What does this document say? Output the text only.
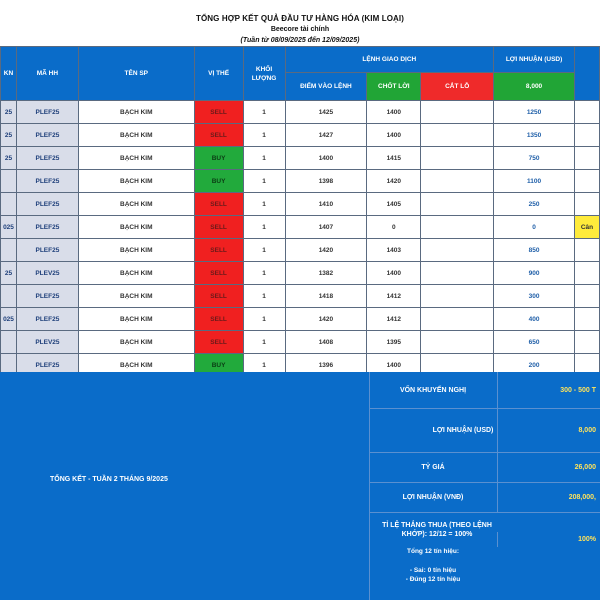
TỔNG HỢP KẾT QUẢ ĐẦU TƯ HÀNG HÓA (KIM LOẠI)
Beecore tài chính
(Tuần từ 08/09/2025 đến 12/09/2025)
KN	MÃ HH	TÊN SP	VỊ THẾ	KHỐI LƯỢNG	LỆNH GIAO DỊCH			LỢI NHUẬN (USD)	
					ĐIỂM VÀO LỆNH	CHỐT LỜI	CẮT LỖ	8,000	
25	PLEF25	BẠCH KIM	SELL	1	1425	1400		1250	
25	PLEF25	BẠCH KIM	SELL	1	1427	1400		1350	
25	PLEF25	BẠCH KIM	BUY	1	1400	1415		750	
	PLEF25	BẠCH KIM	BUY	1	1398	1420		1100	
	PLEF25	BẠCH KIM	SELL	1	1410	1405		250	
025	PLEF25	BẠCH KIM	SELL	1	1407	0		0	Cân
	PLEF25	BẠCH KIM	SELL	1	1420	1403		850	
25	PLEV25	BẠCH KIM	SELL	1	1382	1400		900	
	PLEF25	BẠCH KIM	SELL	1	1418	1412		300	
025	PLEF25	BẠCH KIM	SELL	1	1420	1412		400	
	PLEV25	BẠCH KIM	SELL	1	1408	1395		650	
	PLEF25	BẠCH KIM	BUY	1	1396	1400		200	
TỔNG KẾT - TUẦN 2 THÁNG 9/2025
VỐN KHUYẾN NGHỊ	300 - 500 T
LỢI NHUẬN (USD)	8,000
TỶ GIÁ	26,000
LỢI NHUẬN (VNĐ)	208,000,
TỈ LỆ THẮNG THUA (THEO LỆNH KHỚP): 12/12 = 100%
100%
Tổng 12 tín hiệu:
- Sai: 0 tín hiệu
- Đúng 12 tín hiệu
